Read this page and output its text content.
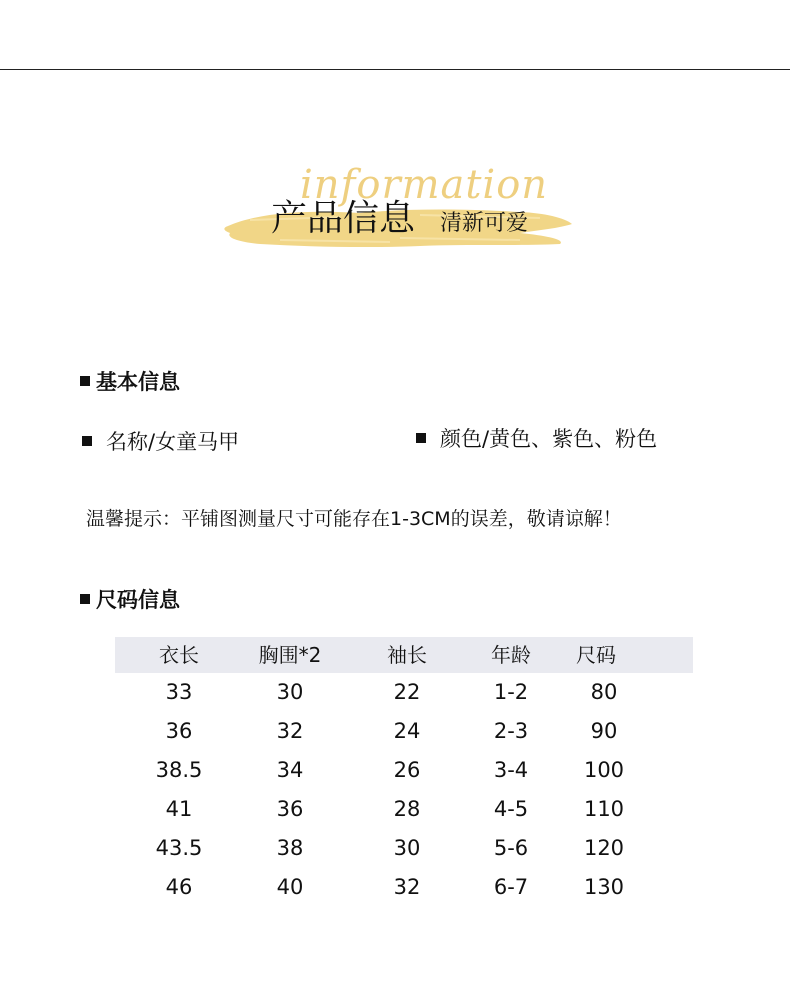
information
产品信息 清新可爱
基本信息
名称/女童马甲	颜色/黄色、紫色、粉色
温馨提示：平铺图测量尺寸可能存在1-3CM的误差，敬请谅解！
尺码信息
衣长	胸围*2	袖长	年龄	尺码
33	30	22	1-2	80
36	32	24	2-3	90
38.5	34	26	3-4	100
41	36	28	4-5	110
43.5	38	30	5-6	120
46	40	32	6-7	130
